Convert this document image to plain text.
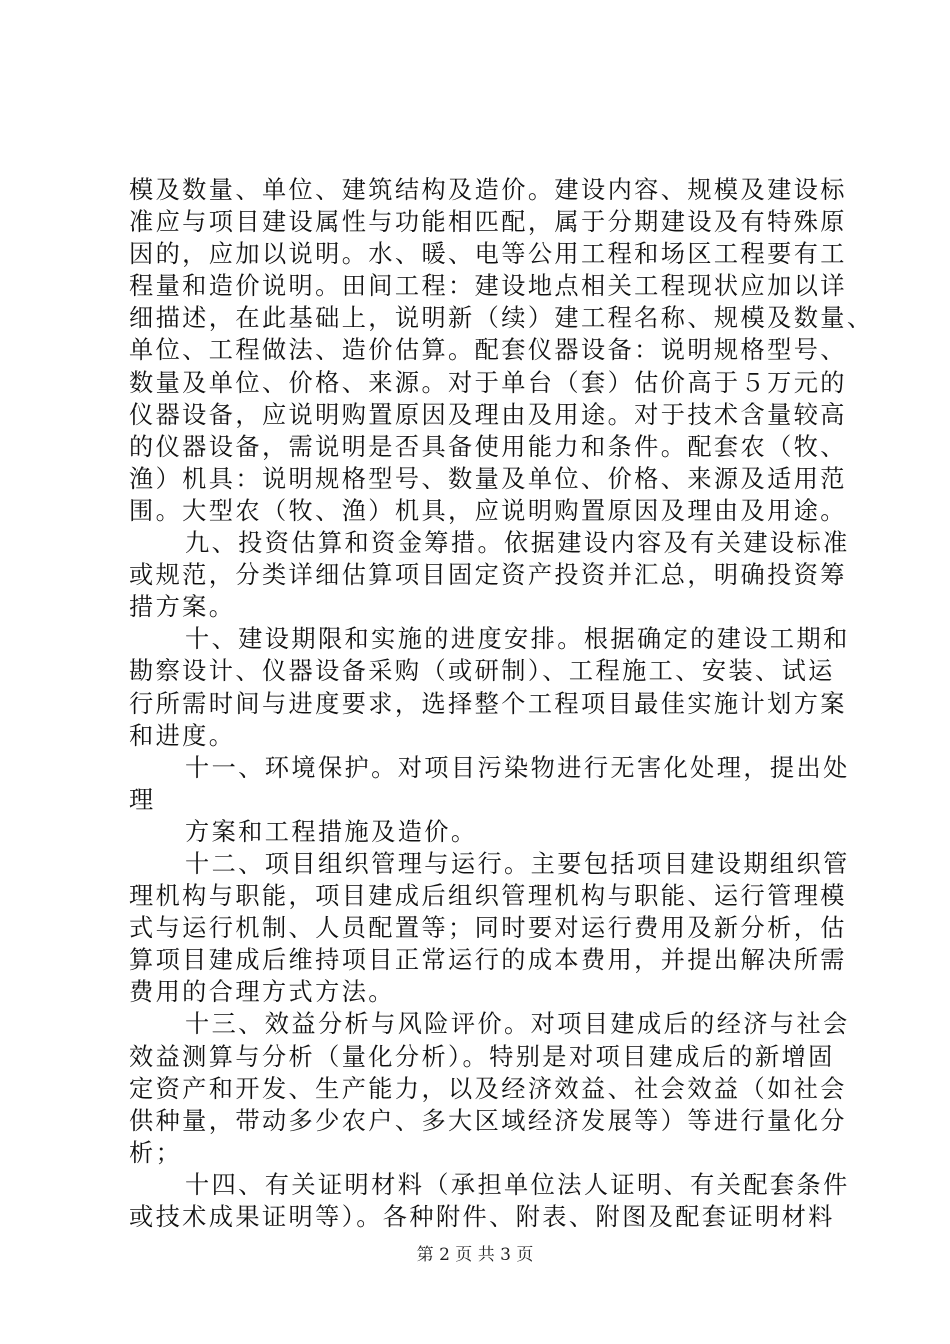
模及数量、单位、建筑结构及造价。建设内容、规模及建设标
准应与项目建设属性与功能相匹配，属于分期建设及有特殊原
因的，应加以说明。水、暖、电等公用工程和场区工程要有工
程量和造价说明。田间工程：建设地点相关工程现状应加以详
细描述，在此基础上，说明新（续）建工程名称、规模及数量、
单位、工程做法、造价估算。配套仪器设备：说明规格型号、
数量及单位、价格、来源。对于单台（套）估价高于５万元的
仪器设备，应说明购置原因及理由及用途。对于技术含量较高
的仪器设备，需说明是否具备使用能力和条件。配套农（牧、
渔）机具：说明规格型号、数量及单位、价格、来源及适用范
围。大型农（牧、渔）机具，应说明购置原因及理由及用途。
九、投资估算和资金筹措。依据建设内容及有关建设标准
或规范，分类详细估算项目固定资产投资并汇总，明确投资筹
措方案。
十、建设期限和实施的进度安排。根据确定的建设工期和
勘察设计、仪器设备采购（或研制）、工程施工、安装、试运
行所需时间与进度要求，选择整个工程项目最佳实施计划方案
和进度。
十一、环境保护。对项目污染物进行无害化处理，提出处
理
方案和工程措施及造价。
十二、项目组织管理与运行。主要包括项目建设期组织管
理机构与职能，项目建成后组织管理机构与职能、运行管理模
式与运行机制、人员配置等；同时要对运行费用及新分析，估
算项目建成后维持项目正常运行的成本费用，并提出解决所需
费用的合理方式方法。
十三、效益分析与风险评价。对项目建成后的经济与社会
效益测算与分析（量化分析）。特别是对项目建成后的新增固
定资产和开发、生产能力，以及经济效益、社会效益（如社会
供种量，带动多少农户、多大区域经济发展等）等进行量化分
析；
十四、有关证明材料（承担单位法人证明、有关配套条件
或技术成果证明等）。各种附件、附表、附图及配套证明材料
第 2 页 共 3 页
